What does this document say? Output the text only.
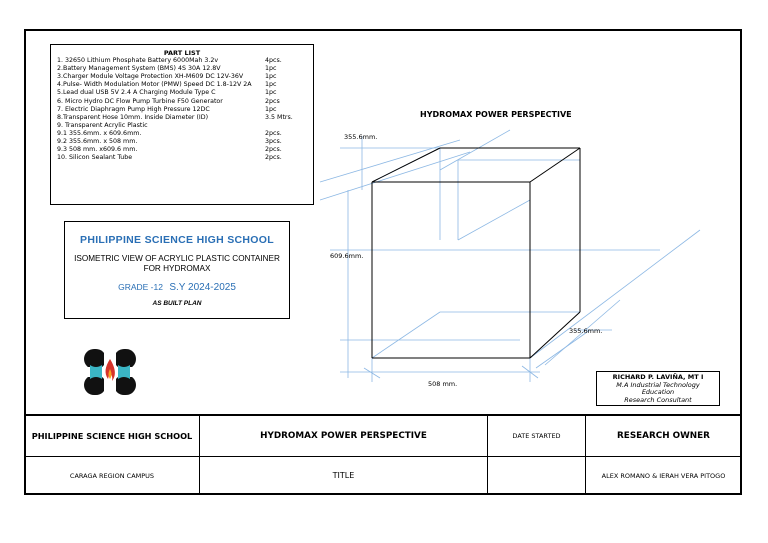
PART LIST
1. 32650 Lithium Phosphate Battery 6000Mah 3.2v	4pcs.
2.Battery Management System (BMS) 4S 30A 12.8V	1pc
3.Charger Module Voltage Protection XH-M609 DC 12V-36V	1pc
4.Pulse- Width Modulation Motor (PMW) Speed DC 1.8-12V 2A	1pc
5.Lead dual USB 5V 2.4 A Charging Module Type C	1pc
6. Micro Hydro DC Flow Pump Turbine F50 Generator	2pcs
7. Electric Diaphragm Pump High Pressure 12DC	1pc
8.Transparent Hose 10mm. Inside Diameter (ID)	3.5 Mtrs.
9. Transparent Acrylic Plastic
9.1 355.6mm. x 609.6mm.	2pcs.
9.2 355.6mm. x 508 mm.	3pcs.
9.3 508 mm. x609.6 mm.	2pcs.
10. Silicon Sealant Tube	2pcs.
PHILIPPINE SCIENCE HIGH SCHOOL
ISOMETRIC VIEW OF ACRYLIC PLASTIC CONTAINER
FOR HYDROMAX
GRADE -12 S.Y 2024-2025
AS BUILT PLAN
HYDROMAX POWER PERSPECTIVE
355.6mm.
609.6mm.
355.6mm.
508 mm.
RICHARD P. LAVIÑA, MT I
M.A Industrial Technology
Education
Research Consultant
PHILIPPINE SCIENCE HIGH SCHOOL	HYDROMAX POWER PERSPECTIVE	DATE STARTED	RESEARCH OWNER
CARAGA REGION CAMPUS	TITLE		ALEX ROMANO & IERAH VERA PITOGO
